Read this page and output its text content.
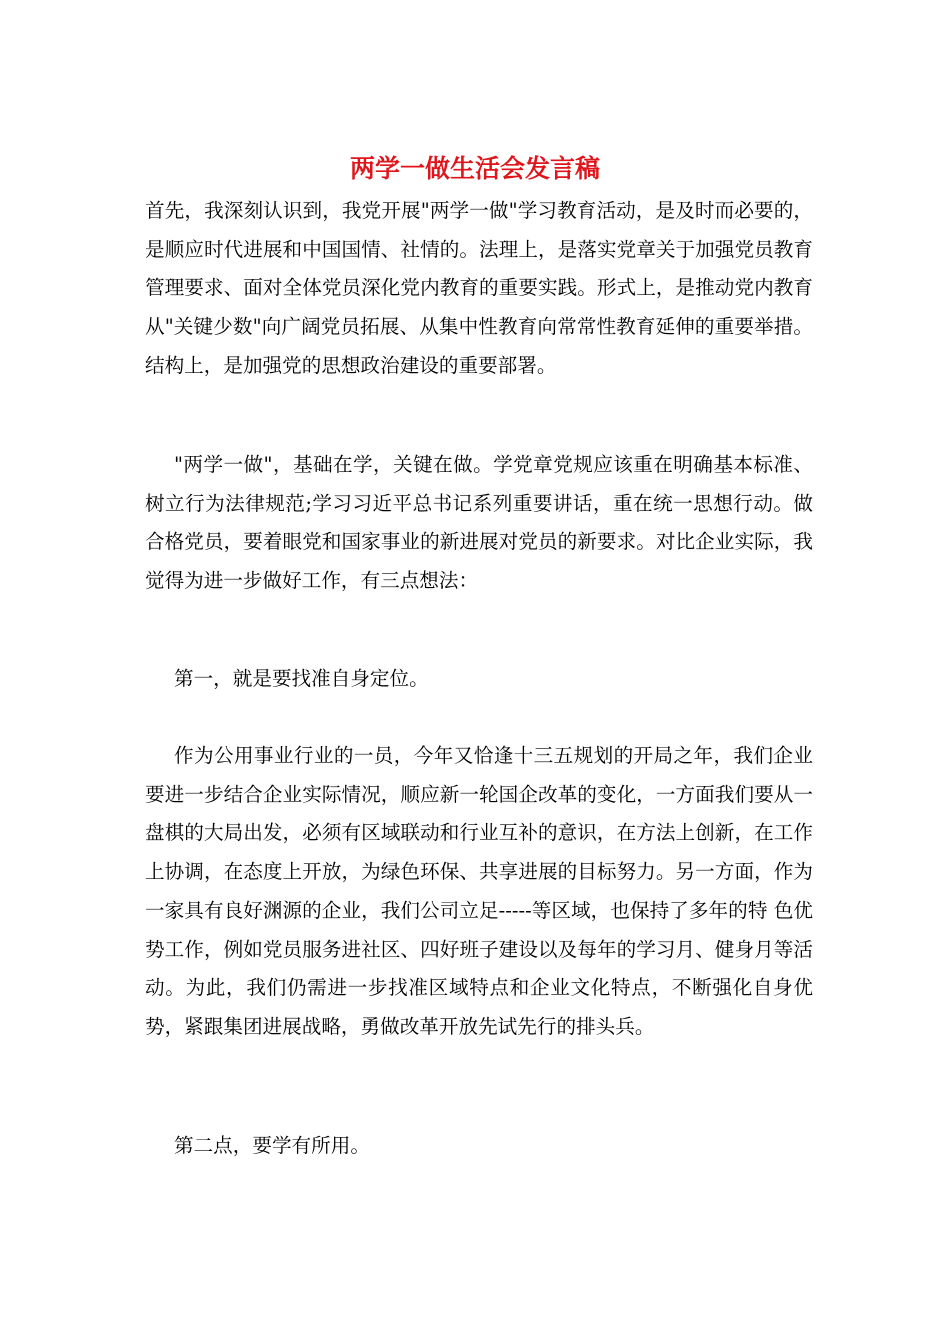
两学一做生活会发言稿

首先，我深刻认识到，我党开展"两学一做"学习教育活动，是及时而必要的，是顺应时代进展和中国国情、社情的。法理上，是落实党章关于加强党员教育管理要求、面对全体党员深化党内教育的重要实践。形式上，是推动党内教育从"关键少数"向广阔党员拓展、从集中性教育向常常性教育延伸的重要举措。结构上，是加强党的思想政治建设的重要部署。

"两学一做"，基础在学，关键在做。学党章党规应该重在明确基本标准、树立行为法律规范;学习习近平总书记系列重要讲话，重在统一思想行动。做合格党员，要着眼党和国家事业的新进展对党员的新要求。对比企业实际，我觉得为进一步做好工作，有三点想法：

第一，就是要找准自身定位。

作为公用事业行业的一员，今年又恰逢十三五规划的开局之年，我们企业要进一步结合企业实际情况，顺应新一轮国企改革的变化，一方面我们要从一盘棋的大局出发，必须有区域联动和行业互补的意识，在方法上创新，在工作上协调，在态度上开放，为绿色环保、共享进展的目标努力。另一方面，作为一家具有良好渊源的企业，我们公司立足-----等区域，也保持了多年的特 色优势工作，例如党员服务进社区、四好班子建设以及每年的学习月、健身月等活动。为此，我们仍需进一步找准区域特点和企业文化特点，不断强化自身优势，紧跟集团进展战略，勇做改革开放先试先行的排头兵。

第二点，要学有所用。
